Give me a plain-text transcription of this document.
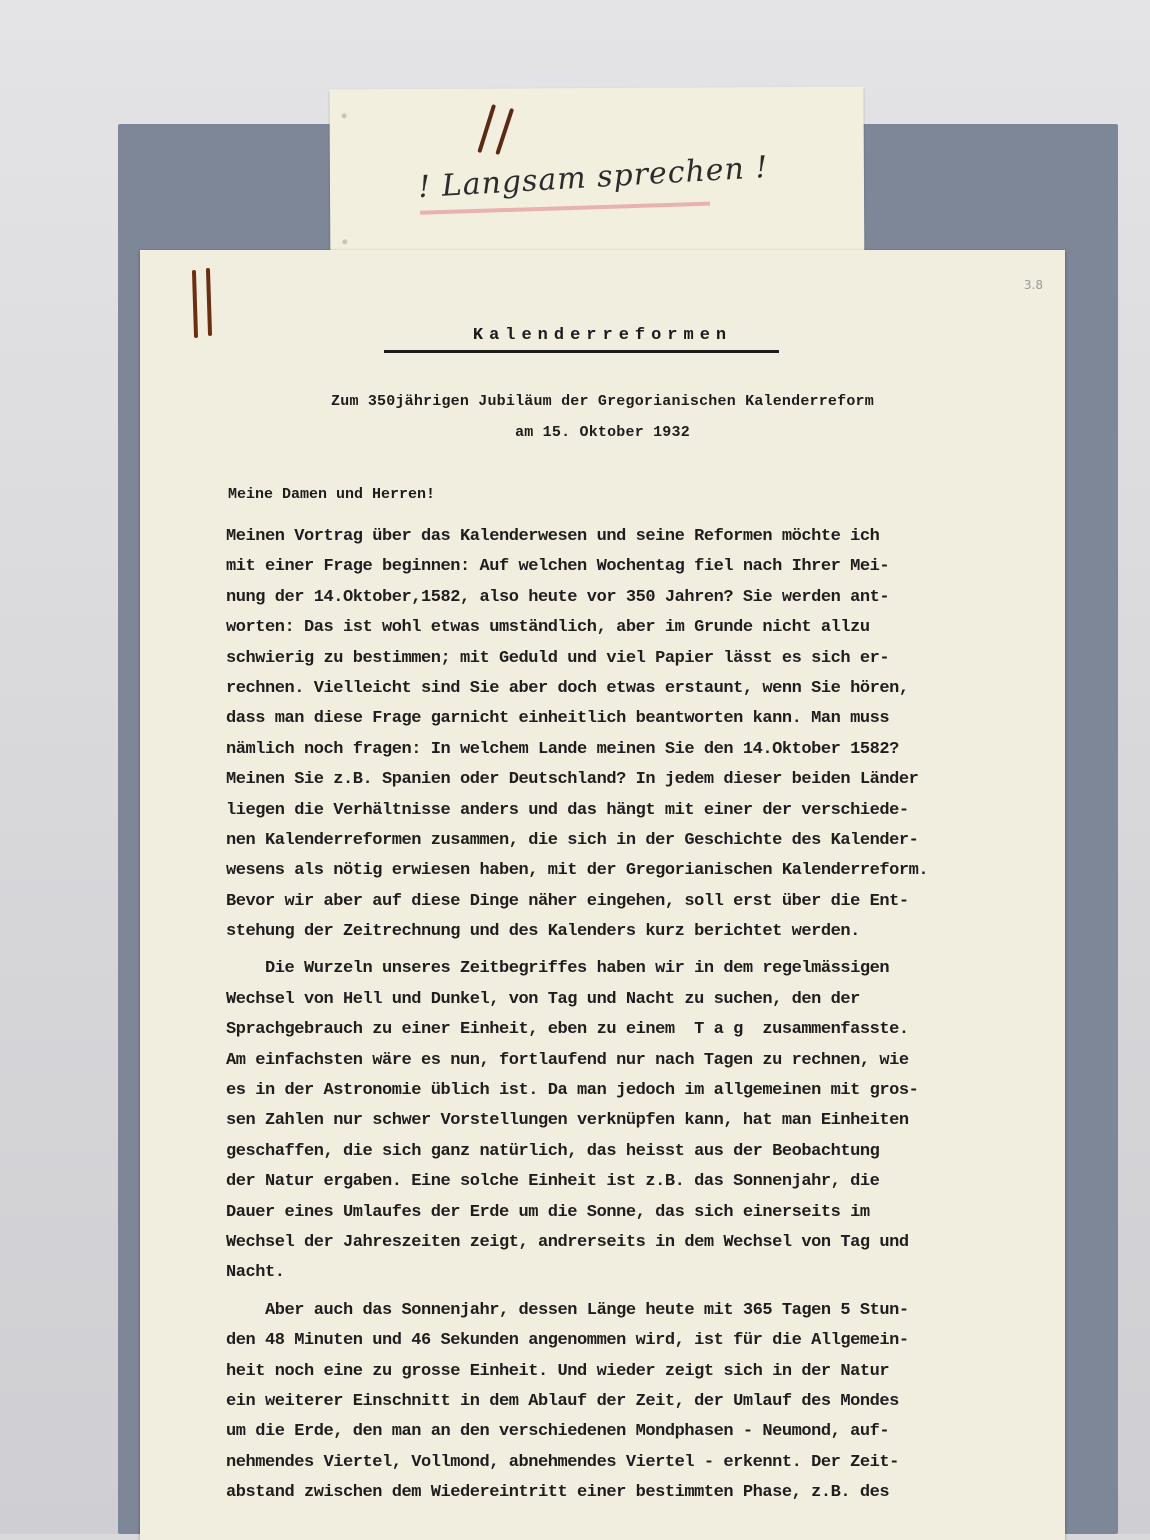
! Langsam sprechen !
3.8
Kalenderreformen
Zum 350jährigen Jubiläum der Gregorianischen Kalenderreform
am 15. Oktober 1932
Meine Damen und Herren!
Meinen Vortrag über das Kalenderwesen und seine Reformen möchte ich
mit einer Frage beginnen: Auf welchen Wochentag fiel nach Ihrer Mei-
nung der 14.Oktober,1582, also heute vor 350 Jahren? Sie werden ant-
worten: Das ist wohl etwas umständlich, aber im Grunde nicht allzu
schwierig zu bestimmen; mit Geduld und viel Papier lässt es sich er-
rechnen. Vielleicht sind Sie aber doch etwas erstaunt, wenn Sie hören,
dass man diese Frage garnicht einheitlich beantworten kann. Man muss
nämlich noch fragen: In welchem Lande meinen Sie den 14.Oktober 1582?
Meinen Sie z.B. Spanien oder Deutschland? In jedem dieser beiden Länder
liegen die Verhältnisse anders und das hängt mit einer der verschiede-
nen Kalenderreformen zusammen, die sich in der Geschichte des Kalender-
wesens als nötig erwiesen haben, mit der Gregorianischen Kalenderreform.
Bevor wir aber auf diese Dinge näher eingehen, soll erst über die Ent-
stehung der Zeitrechnung und des Kalenders kurz berichtet werden.
Die Wurzeln unseres Zeitbegriffes haben wir in dem regelmässigen
Wechsel von Hell und Dunkel, von Tag und Nacht zu suchen, den der
Sprachgebrauch zu einer Einheit, eben zu einem  T a g  zusammenfasste.
Am einfachsten wäre es nun, fortlaufend nur nach Tagen zu rechnen, wie
es in der Astronomie üblich ist. Da man jedoch im allgemeinen mit gros-
sen Zahlen nur schwer Vorstellungen verknüpfen kann, hat man Einheiten
geschaffen, die sich ganz natürlich, das heisst aus der Beobachtung
der Natur ergaben. Eine solche Einheit ist z.B. das Sonnenjahr, die
Dauer eines Umlaufes der Erde um die Sonne, das sich einerseits im
Wechsel der Jahreszeiten zeigt, andrerseits in dem Wechsel von Tag und
Nacht.
Aber auch das Sonnenjahr, dessen Länge heute mit 365 Tagen 5 Stun-
den 48 Minuten und 46 Sekunden angenommen wird, ist für die Allgemein-
heit noch eine zu grosse Einheit. Und wieder zeigt sich in der Natur
ein weiterer Einschnitt in dem Ablauf der Zeit, der Umlauf des Mondes
um die Erde, den man an den verschiedenen Mondphasen - Neumond, auf-
nehmendes Viertel, Vollmond, abnehmendes Viertel - erkennt. Der Zeit-
abstand zwischen dem Wiedereintritt einer bestimmten Phase, z.B. des
